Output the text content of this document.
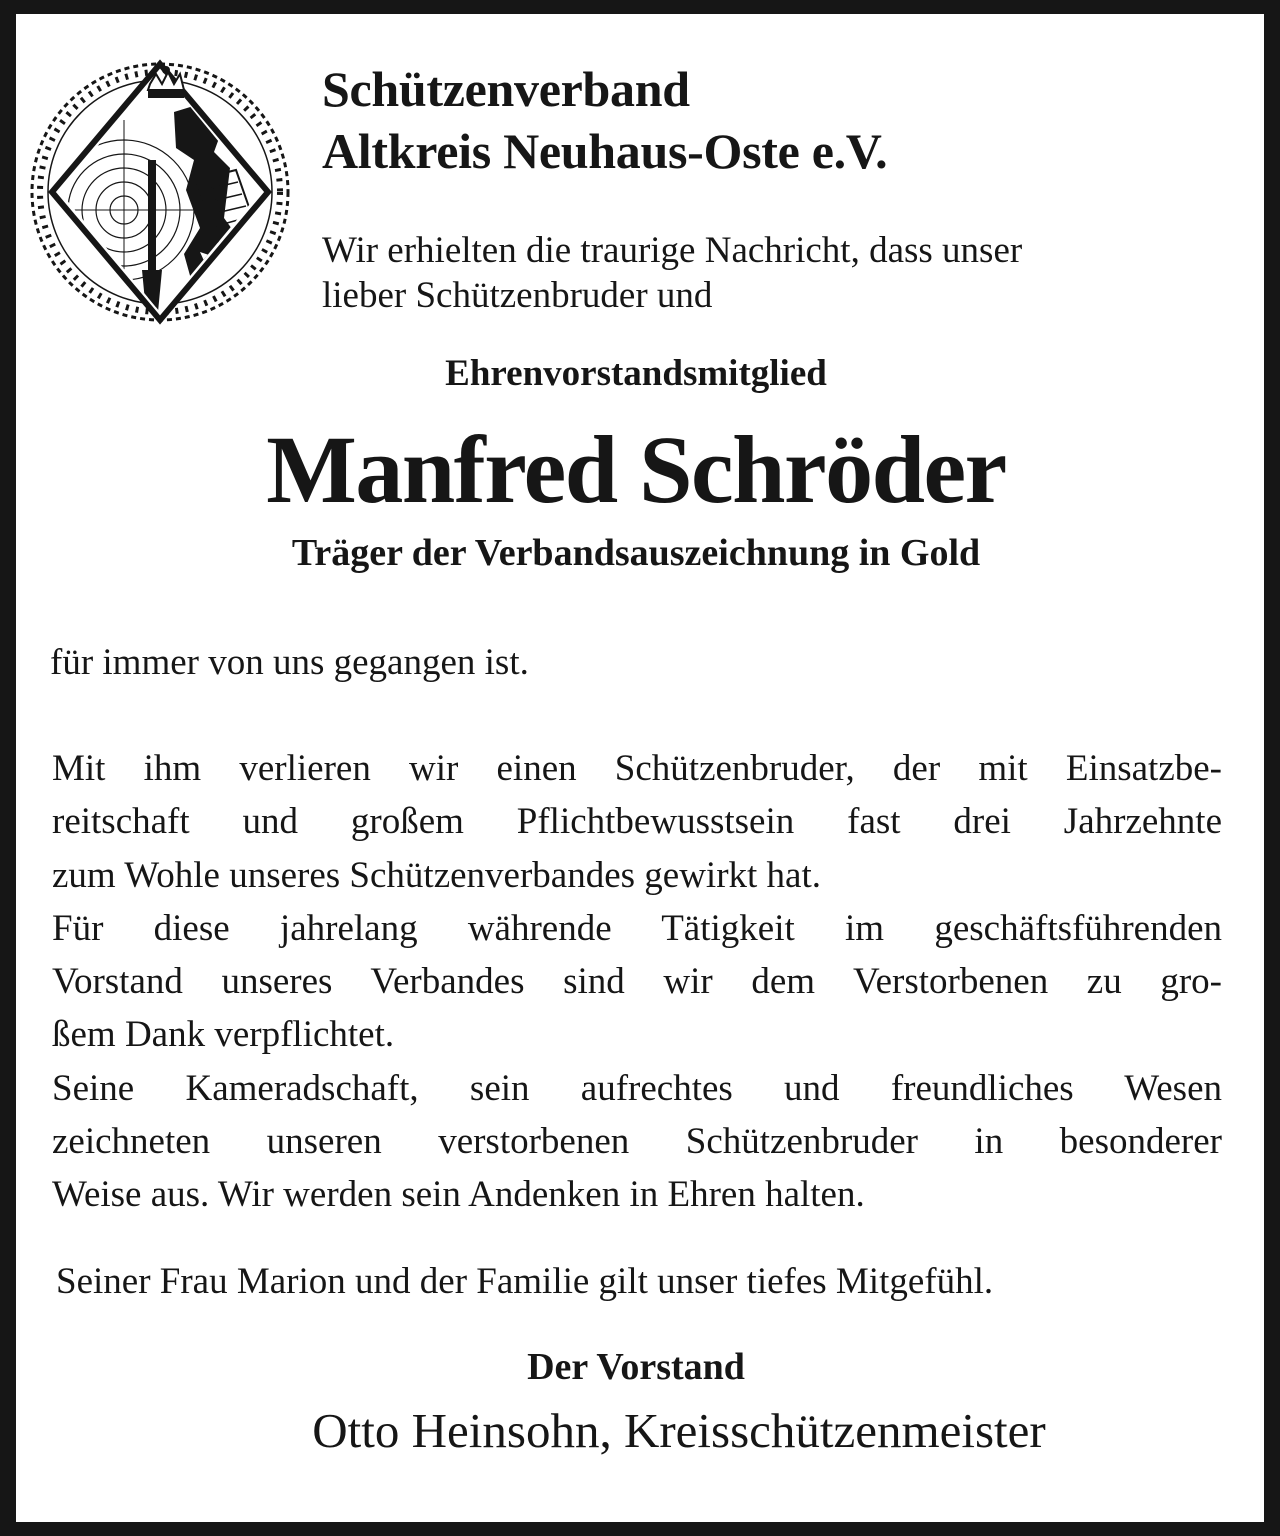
Schützenverband
Altkreis Neuhaus-Oste e.V.
Wir erhielten die traurige Nachricht, dass unser
lieber Schützenbruder und

Ehrenvorstandsmitglied

Manfred Schröder

Träger der Verbandsauszeichnung in Gold

für immer von uns gegangen ist.

Mit ihm verlieren wir einen Schützenbruder, der mit Einsatzbe-
reitschaft und großem Pflichtbewusstsein fast drei Jahrzehnte
zum Wohle unseres Schützenverbandes gewirkt hat.
Für diese jahrelang währende Tätigkeit im geschäftsführenden
Vorstand unseres Verbandes sind wir dem Verstorbenen zu gro-
ßem Dank verpflichtet.
Seine Kameradschaft, sein aufrechtes und freundliches Wesen
zeichneten unseren verstorbenen Schützenbruder in besonderer
Weise aus. Wir werden sein Andenken in Ehren halten.

Seiner Frau Marion und der Familie gilt unser tiefes Mitgefühl.

Der Vorstand

Otto Heinsohn, Kreisschützenmeister
